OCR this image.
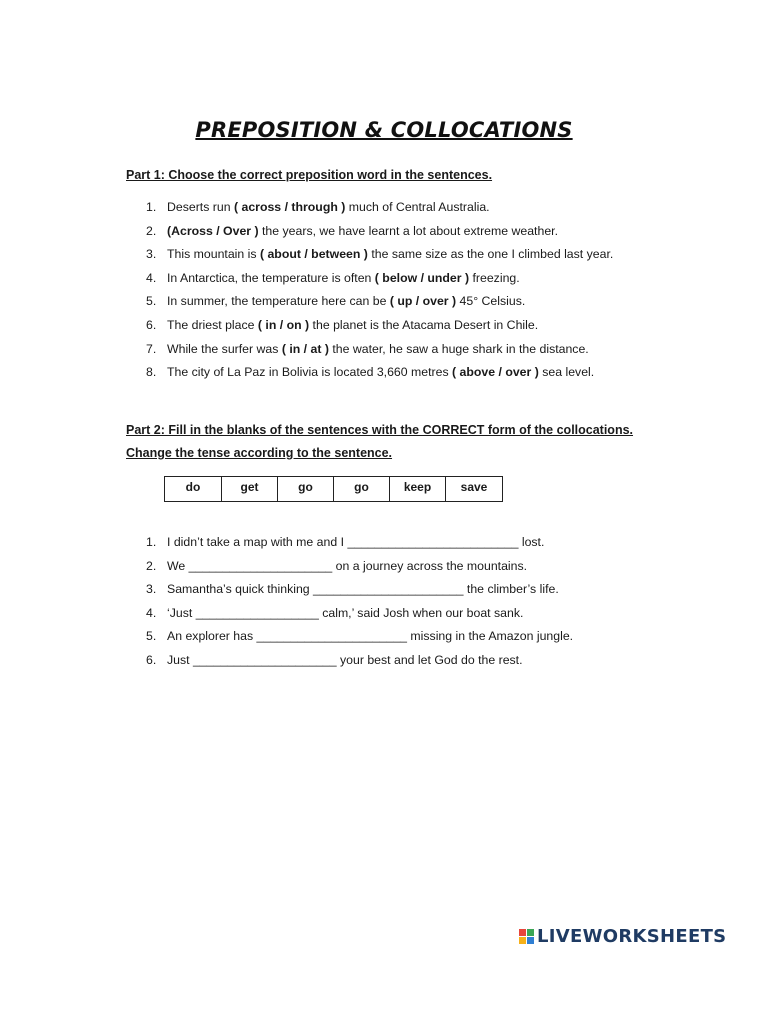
PREPOSITION & COLLOCATIONS
Part 1: Choose the correct preposition word in the sentences.
1. Deserts run ( across / through ) much of Central Australia.
2. (Across / Over ) the years, we have learnt a lot about extreme weather.
3. This mountain is ( about / between ) the same size as the one I climbed last year.
4. In Antarctica, the temperature is often ( below / under ) freezing.
5. In summer, the temperature here can be ( up / over ) 45° Celsius.
6. The driest place ( in / on ) the planet is the Atacama Desert in Chile.
7. While the surfer was ( in / at ) the water, he saw a huge shark in the distance.
8. The city of La Paz in Bolivia is located 3,660 metres ( above / over ) sea level.
Part 2: Fill in the blanks of the sentences with the CORRECT form of the collocations.
Change the tense according to the sentence.
do	get	go	go	keep	save
1. I didn’t take a map with me and I _________________________ lost.
2. We _____________________ on a journey across the mountains.
3. Samantha’s quick thinking ______________________ the climber’s life.
4. ‘Just __________________ calm,’ said Josh when our boat sank.
5. An explorer has ______________________ missing in the Amazon jungle.
6. Just _____________________ your best and let God do the rest.
LIVEWORKSHEETS
